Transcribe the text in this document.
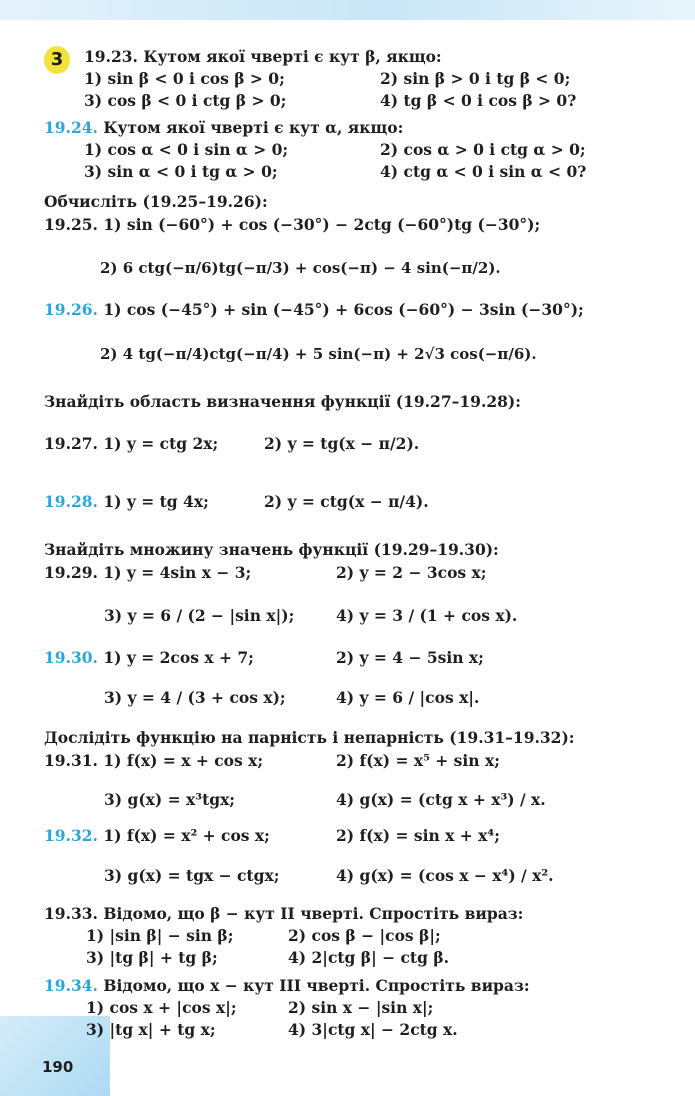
3	19.23. Кутом якої чверті є кут β, якщо:
1) sin β < 0 і cos β > 0;	2) sin β > 0 і tg β < 0;
3) cos β < 0 і ctg β > 0;	4) tg β < 0 і cos β > 0?
19.24. Кутом якої чверті є кут α, якщо:
1) cos α < 0 і sin α > 0;	2) cos α > 0 і ctg α > 0;
3) sin α < 0 і tg α > 0;	4) ctg α < 0 і sin α < 0?
Обчисліть (19.25–19.26):
19.25. 1) sin (−60°) + cos (−30°) − 2ctg (−60°)tg (−30°);
2) 6 ctg(−π/6)tg(−π/3) + cos(−π) − 4 sin(−π/2).
19.26. 1) cos (−45°) + sin (−45°) + 6cos (−60°) − 3sin (−30°);
2) 4 tg(−π/4)ctg(−π/4) + 5 sin(−π) + 2√3 cos(−π/6).
Знайдіть область визначення функції (19.27–19.28):
19.27. 1) y = ctg 2x;	2) y = tg(x − π/2).
19.28. 1) y = tg 4x;	2) y = ctg(x − π/4).
Знайдіть множину значень функції (19.29–19.30):
19.29. 1) y = 4sin x − 3;	2) y = 2 − 3cos x;
3) y = 6 / (2 − |sin x|);	4) y = 3 / (1 + cos x).
19.30. 1) y = 2cos x + 7;	2) y = 4 − 5sin x;
3) y = 4 / (3 + cos x);	4) y = 6 / |cos x|.
Дослідіть функцію на парність і непарність (19.31–19.32):
19.31. 1) f(x) = x + cos x;	2) f(x) = x⁵ + sin x;
3) g(x) = x³tgx;	4) g(x) = (ctg x + x³) / x.
19.32. 1) f(x) = x² + cos x;	2) f(x) = sin x + x⁴;
3) g(x) = tgx − ctgx;	4) g(x) = (cos x − x⁴) / x².
19.33. Відомо, що β − кут ІІ чверті. Спростіть вираз:
1) |sin β| − sin β;	2) cos β − |cos β|;
3) |tg β| + tg β;	4) 2|ctg β| − ctg β.
19.34. Відомо, що x − кут ІІІ чверті. Спростіть вираз:
1) cos x + |cos x|;	2) sin x − |sin x|;
3) |tg x| + tg x;	4) 3|ctg x| − 2ctg x.
190
